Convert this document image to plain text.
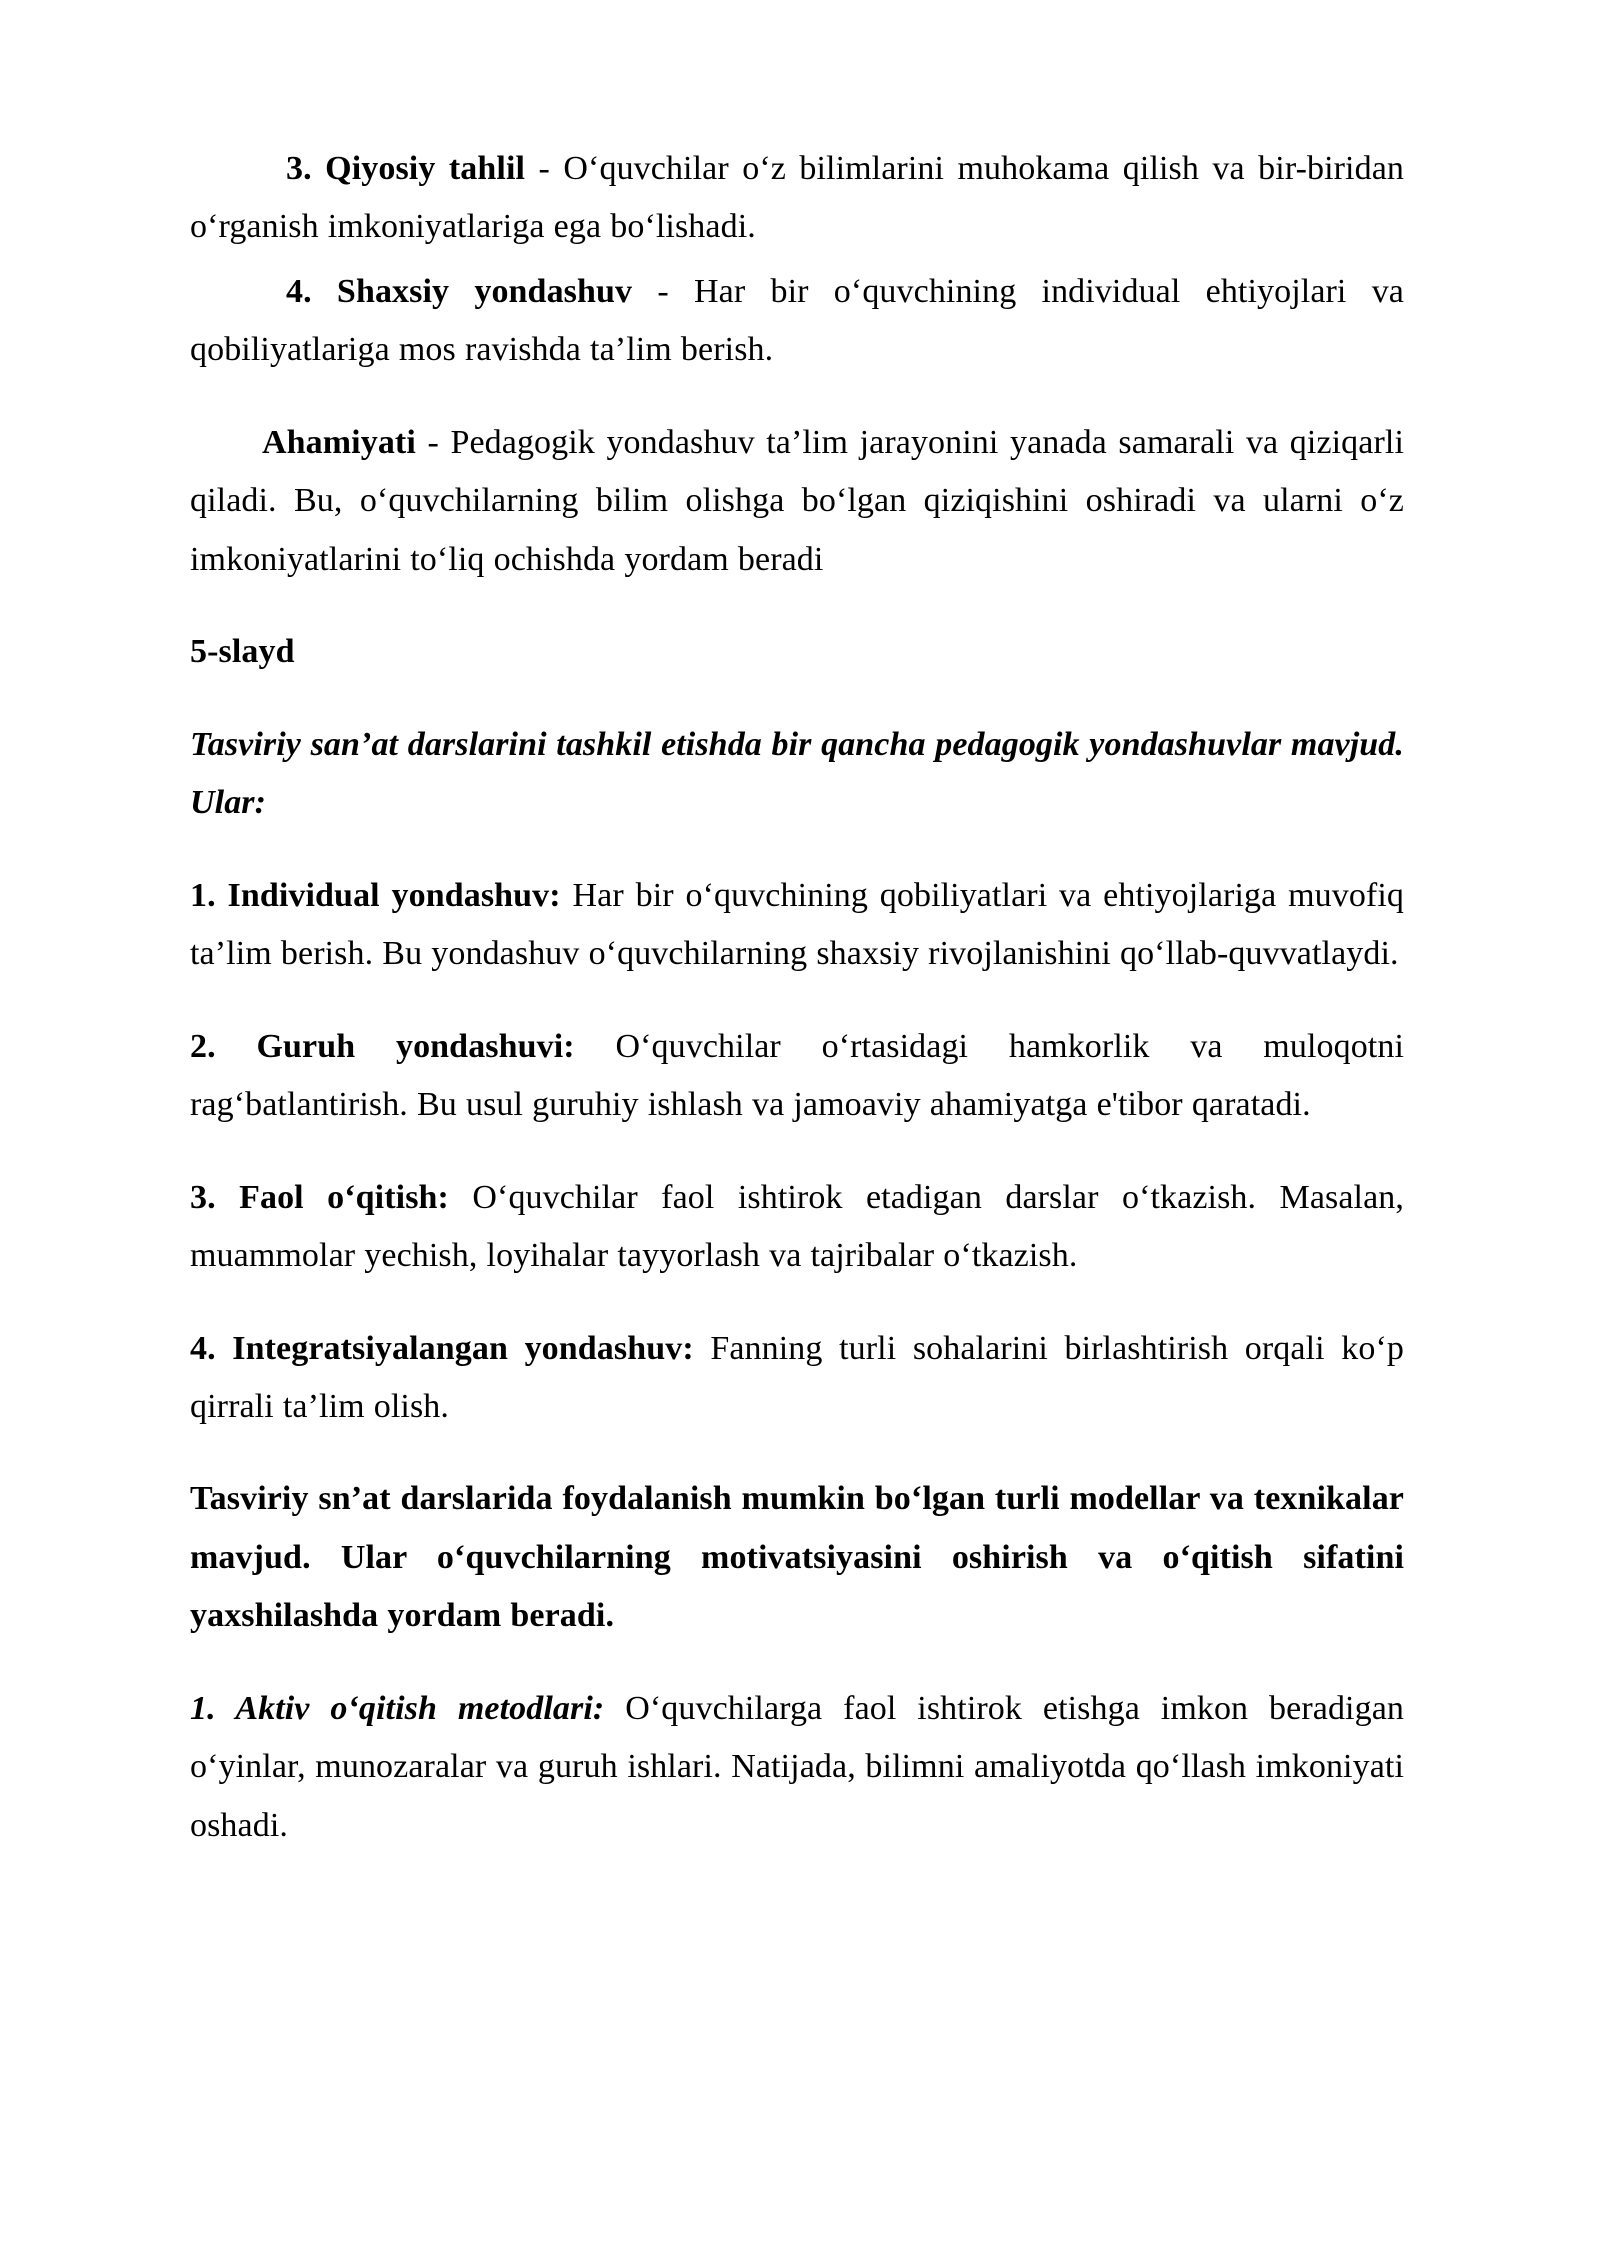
3. Qiyosiy tahlil - O‘quvchilar o‘z bilimlarini muhokama qilish va bir-biridan o‘rganish imkoniyatlariga ega bo‘lishadi.

4. Shaxsiy yondashuv - Har bir o‘quvchining individual ehtiyojlari va qobiliyatlariga mos ravishda ta’lim berish.

Ahamiyati - Pedagogik yondashuv ta’lim jarayonini yanada samarali va qiziqarli qiladi. Bu, o‘quvchilarning bilim olishga bo‘lgan qiziqishini oshiradi va ularni o‘z imkoniyatlarini to‘liq ochishda yordam beradi

5-slayd

Tasviriy san’at darslarini tashkil etishda bir qancha pedagogik yondashuvlar mavjud. Ular:

1. Individual yondashuv: Har bir o‘quvchining qobiliyatlari va ehtiyojlariga muvofiq ta’lim berish. Bu yondashuv o‘quvchilarning shaxsiy rivojlanishini qo‘llab-quvvatlaydi.

2. Guruh yondashuvi: O‘quvchilar o‘rtasidagi hamkorlik va muloqotni rag‘batlantirish. Bu usul guruhiy ishlash va jamoaviy ahamiyatga e'tibor qaratadi.

3. Faol o‘qitish: O‘quvchilar faol ishtirok etadigan darslar o‘tkazish. Masalan, muammolar yechish, loyihalar tayyorlash va tajribalar o‘tkazish.

4. Integratsiyalangan yondashuv: Fanning turli sohalarini birlashtirish orqali ko‘p qirrali ta’lim olish.

Tasviriy sn’at darslarida foydalanish mumkin bo‘lgan turli modellar va texnikalar mavjud. Ular o‘quvchilarning motivatsiyasini oshirish va o‘qitish sifatini yaxshilashda yordam beradi.

1. Aktiv o‘qitish metodlari: O‘quvchilarga faol ishtirok etishga imkon beradigan o‘yinlar, munozaralar va guruh ishlari. Natijada, bilimni amaliyotda qo‘llash imkoniyati oshadi.
